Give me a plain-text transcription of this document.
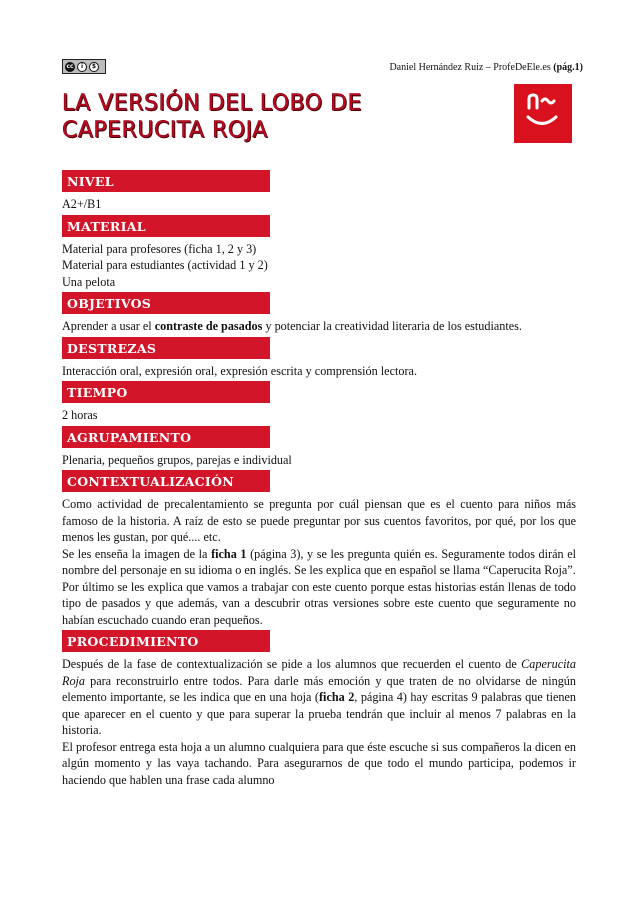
cc	i	$	Daniel Hernández Ruiz – ProfeDeEle.es (pág.1)
LA VERSIÓN DEL LOBO DE
CAPERUCITA ROJA
NIVEL

A2+/B1

MATERIAL

Material para profesores (ficha 1, 2 y 3)

Material para estudiantes (actividad 1 y 2)

Una pelota

OBJETIVOS

Aprender a usar el contraste de pasados y potenciar la creatividad literaria de los estudiantes.

DESTREZAS

Interacción oral, expresión oral, expresión escrita y comprensión lectora.

TIEMPO

2 horas

AGRUPAMIENTO

Plenaria, pequeños grupos, parejas e individual

CONTEXTUALIZACIÓN

Como actividad de precalentamiento se pregunta por cuál piensan que es el cuento para niños más famoso de la historia. A raíz de esto se puede preguntar por sus cuentos favoritos, por qué, por los que menos les gustan, por qué.... etc.

Se les enseña la imagen de la ficha 1 (página 3), y se les pregunta quién es. Seguramente todos dirán el nombre del personaje en su idioma o en inglés. Se les explica que en español se llama “Caperucita Roja”.

Por último se les explica que vamos a trabajar con este cuento porque estas historias están llenas de todo tipo de pasados y que además, van a descubrir otras versiones sobre este cuento que seguramente no habían escuchado cuando eran pequeños.

PROCEDIMIENTO

Después de la fase de contextualización se pide a los alumnos que recuerden el cuento de Caperucita Roja para reconstruirlo entre todos. Para darle más emoción y que traten de no olvidarse de ningún elemento importante, se les indica que en una hoja (ficha 2, página 4) hay escritas 9 palabras que tienen que aparecer en el cuento y que para superar la prueba tendrán que incluir al menos 7 palabras en la historia.

El profesor entrega esta hoja a un alumno cualquiera para que éste escuche si sus compañeros la dicen en algún momento y las vaya tachando. Para asegurarnos de que todo el mundo participa, podemos ir haciendo que hablen una frase cada alumno
